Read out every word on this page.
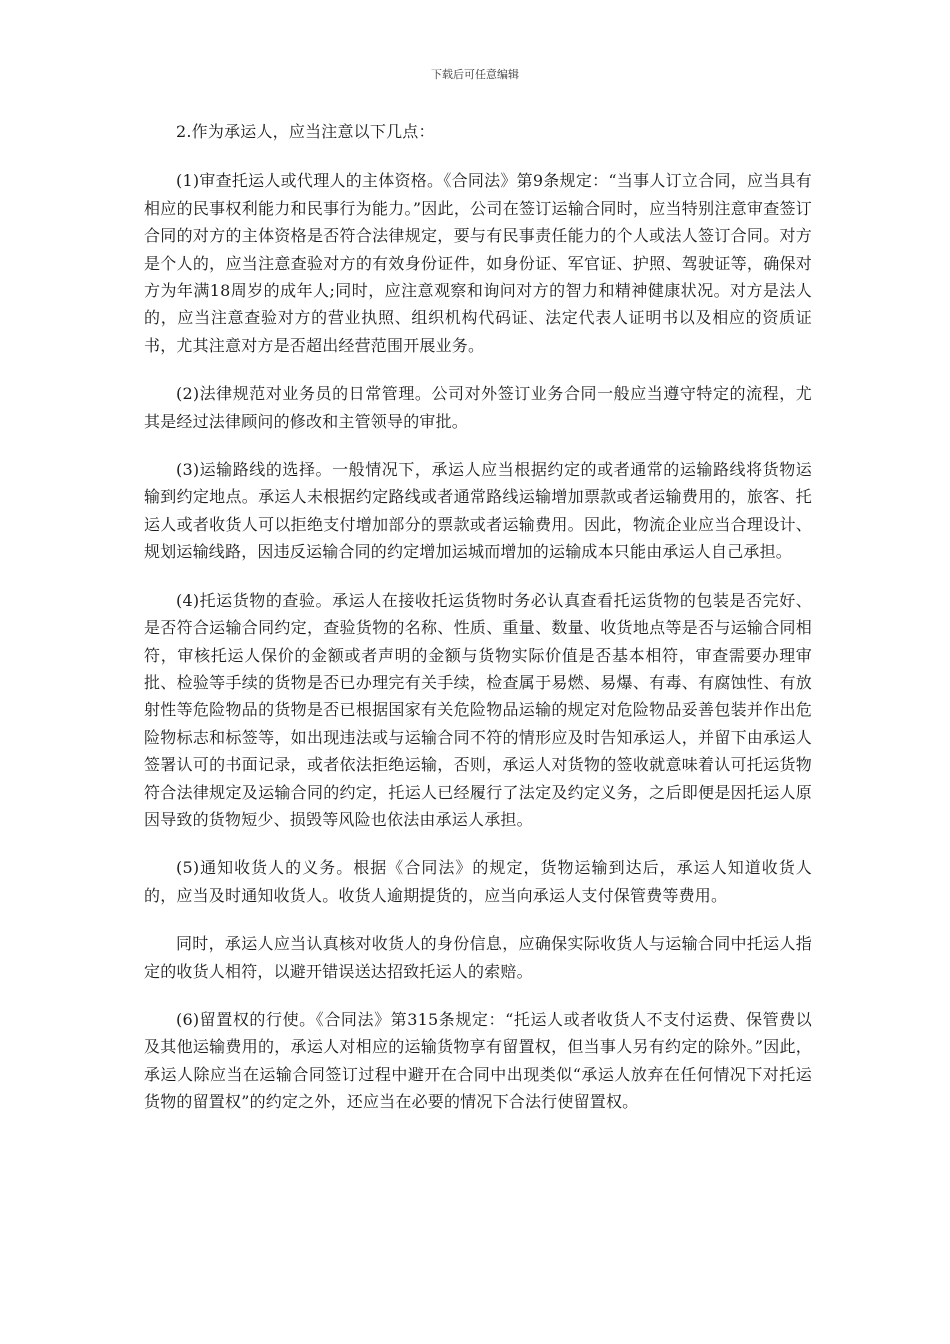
下载后可任意编辑

2.作为承运人，应当注意以下几点：

(1)审查托运人或代理人的主体资格。《合同法》第9条规定：“当事人订立合同，应当具有相应的民事权利能力和民事行为能力。”因此，公司在签订运输合同时，应当特别注意审查签订合同的对方的主体资格是否符合法律规定，要与有民事责任能力的个人或法人签订合同。对方是个人的，应当注意查验对方的有效身份证件，如身份证、军官证、护照、驾驶证等，确保对方为年满18周岁的成年人;同时，应注意观察和询问对方的智力和精神健康状况。对方是法人的，应当注意查验对方的营业执照、组织机构代码证、法定代表人证明书以及相应的资质证书，尤其注意对方是否超出经营范围开展业务。

(2)法律规范对业务员的日常管理。公司对外签订业务合同一般应当遵守特定的流程，尤其是经过法律顾问的修改和主管领导的审批。

(3)运输路线的选择。一般情况下，承运人应当根据约定的或者通常的运输路线将货物运输到约定地点。承运人未根据约定路线或者通常路线运输增加票款或者运输费用的，旅客、托运人或者收货人可以拒绝支付增加部分的票款或者运输费用。因此，物流企业应当合理设计、规划运输线路，因违反运输合同的约定增加运城而增加的运输成本只能由承运人自己承担。

(4)托运货物的查验。承运人在接收托运货物时务必认真查看托运货物的包装是否完好、是否符合运输合同约定，查验货物的名称、性质、重量、数量、收货地点等是否与运输合同相符，审核托运人保价的金额或者声明的金额与货物实际价值是否基本相符，审查需要办理审批、检验等手续的货物是否已办理完有关手续，检查属于易燃、易爆、有毒、有腐蚀性、有放射性等危险物品的货物是否已根据国家有关危险物品运输的规定对危险物品妥善包装并作出危险物标志和标签等，如出现违法或与运输合同不符的情形应及时告知承运人，并留下由承运人签署认可的书面记录，或者依法拒绝运输，否则，承运人对货物的签收就意味着认可托运货物符合法律规定及运输合同的约定，托运人已经履行了法定及约定义务，之后即便是因托运人原因导致的货物短少、损毁等风险也依法由承运人承担。

(5)通知收货人的义务。根据《合同法》的规定，货物运输到达后，承运人知道收货人的，应当及时通知收货人。收货人逾期提货的，应当向承运人支付保管费等费用。

同时，承运人应当认真核对收货人的身份信息，应确保实际收货人与运输合同中托运人指定的收货人相符，以避开错误送达招致托运人的索赔。

(6)留置权的行使。《合同法》第315条规定：“托运人或者收货人不支付运费、保管费以及其他运输费用的，承运人对相应的运输货物享有留置权，但当事人另有约定的除外。”因此，承运人除应当在运输合同签订过程中避开在合同中出现类似“承运人放弃在任何情况下对托运货物的留置权”的约定之外，还应当在必要的情况下合法行使留置权。
